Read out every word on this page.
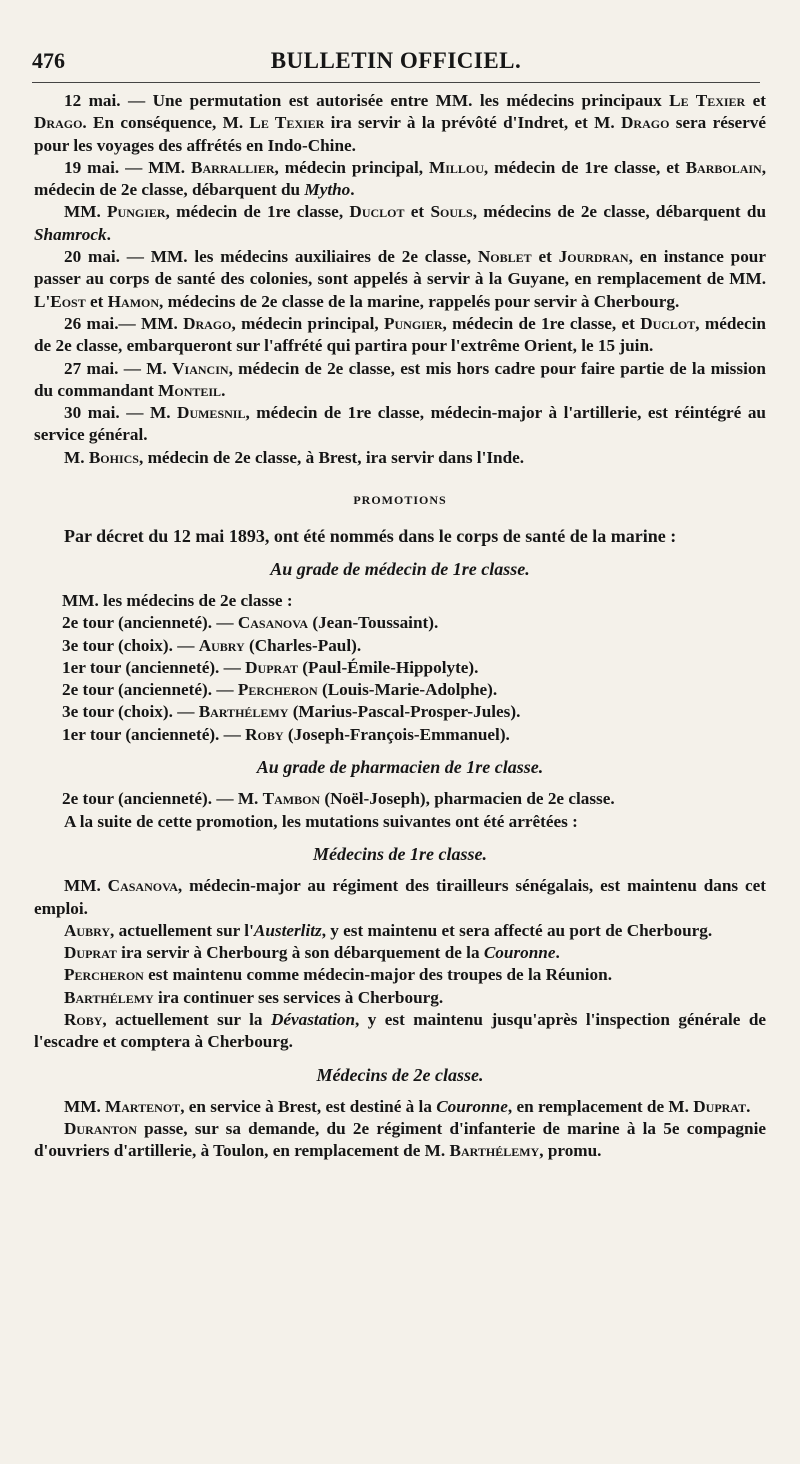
476	BULLETIN OFFICIEL.

12 mai. — Une permutation est autorisée entre MM. les médecins principaux Le Texier et Drago. En conséquence, M. Le Texier ira servir à la prévôté d'Indret, et M. Drago sera réservé pour les voyages des affrétés en Indo-Chine.

19 mai. — MM. Barrallier, médecin principal, Millou, médecin de 1re classe, et Barbolain, médecin de 2e classe, débarquent du Mytho.

MM. Pungier, médecin de 1re classe, Duclot et Souls, médecins de 2e classe, débarquent du Shamrock.

20 mai. — MM. les médecins auxiliaires de 2e classe, Noblet et Jourdran, en instance pour passer au corps de santé des colonies, sont appelés à servir à la Guyane, en remplacement de MM. L'Eost et Hamon, médecins de 2e classe de la marine, rappelés pour servir à Cherbourg.

26 mai.— MM. Drago, médecin principal, Pungier, médecin de 1re classe, et Duclot, médecin de 2e classe, embarqueront sur l'affrété qui partira pour l'extrême Orient, le 15 juin.

27 mai. — M. Viancin, médecin de 2e classe, est mis hors cadre pour faire partie de la mission du commandant Monteil.

30 mai. — M. Dumesnil, médecin de 1re classe, médecin-major à l'artillerie, est réintégré au service général.

M. Bohics, médecin de 2e classe, à Brest, ira servir dans l'Inde.

PROMOTIONS

Par décret du 12 mai 1893, ont été nommés dans le corps de santé de la marine :

Au grade de médecin de 1re classe.

MM. les médecins de 2e classe :

2e tour (ancienneté). — Casanova (Jean-Toussaint).

3e tour (choix). — Aubry (Charles-Paul).

1er tour (ancienneté). — Duprat (Paul-Émile-Hippolyte).

2e tour (ancienneté). — Percheron (Louis-Marie-Adolphe).

3e tour (choix). — Barthélemy (Marius-Pascal-Prosper-Jules).

1er tour (ancienneté). — Roby (Joseph-François-Emmanuel).

Au grade de pharmacien de 1re classe.

2e tour (ancienneté). — M. Tambon (Noël-Joseph), pharmacien de 2e classe.

A la suite de cette promotion, les mutations suivantes ont été arrêtées :

Médecins de 1re classe.

MM. Casanova, médecin-major au régiment des tirailleurs sénégalais, est maintenu dans cet emploi.

Aubry, actuellement sur l'Austerlitz, y est maintenu et sera affecté au port de Cherbourg.

Duprat ira servir à Cherbourg à son débarquement de la Couronne.

Percheron est maintenu comme médecin-major des troupes de la Réunion.

Barthélemy ira continuer ses services à Cherbourg.

Roby, actuellement sur la Dévastation, y est maintenu jusqu'après l'inspection générale de l'escadre et comptera à Cherbourg.

Médecins de 2e classe.

MM. Martenot, en service à Brest, est destiné à la Couronne, en remplacement de M. Duprat.

Duranton passe, sur sa demande, du 2e régiment d'infanterie de marine à la 5e compagnie d'ouvriers d'artillerie, à Toulon, en remplacement de M. Barthélemy, promu.
